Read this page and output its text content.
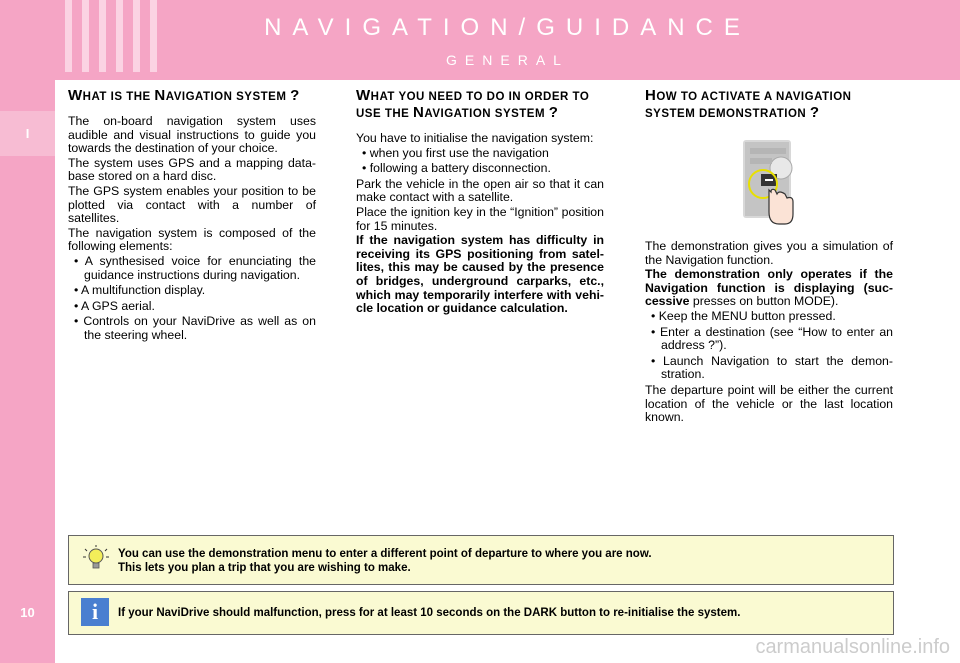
I
10
NAVIGATION/GUIDANCE
GENERAL
WHAT IS THE NAVIGATION SYSTEM ?

The on-board navigation system uses audible and visual instructions to guide you towards the destination of your choice.

The system uses GPS and a mapping data-base stored on a hard disc.

The GPS system enables your position to be plotted via contact with a number of satellites.

The navigation system is composed of the following elements:

• A synthesised voice for enunciating the guidance instructions during navigation.

• A multifunction display.

• A GPS aerial.

• Controls on your NaviDrive as well as on the steering wheel.

WHAT YOU NEED TO DO IN ORDER TO USE THE NAVIGATION SYSTEM ?

You have to initialise the navigation system:

• when you first use the navigation

• following a battery disconnection.

Park the vehicle in the open air so that it can make contact with a satellite.

Place the ignition key in the “Ignition” position for 15 minutes.

If the navigation system has difficulty in receiving its GPS positioning from satel-lites, this may be caused by the presence of bridges, underground carparks, etc., which may temporarily interfere with vehi-cle location or guidance calculation.

HOW TO ACTIVATE A NAVIGATION SYSTEM DEMONSTRATION ?

The demonstration gives you a simulation of the Navigation function.

The demonstration only operates if the Navigation function is displaying (suc-cessive presses on button MODE).

• Keep the MENU button pressed.

• Enter a destination (see “How to enter an address ?”).

• Launch Navigation to start the demon-stration.

The departure point will be either the current location of the vehicle or the last location known.

You can use the demonstration menu to enter a different point of departure to where you are now.
This lets you plan a trip that you are wishing to make.
i	If your NaviDrive should malfunction, press for at least 10 seconds on the DARK button to re-initialise the system.
carmanualsonline.info
